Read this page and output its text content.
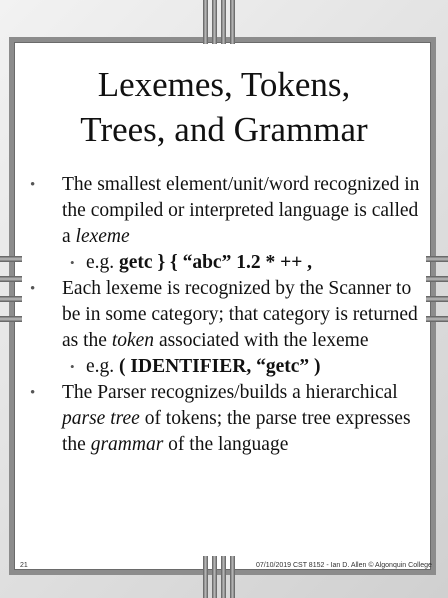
Lexemes, Tokens,
Trees, and Grammar

• The smallest element/unit/word recognized in the compiled or interpreted language is called a lexeme

• e.g. getc } { “abc” 1.2 * ++ ,

• Each lexeme is recognized by the Scanner to be in some category; that category is returned as the token associated with the lexeme

• e.g. ( IDENTIFIER, “getc” )

• The Parser recognizes/builds a hierarchical parse tree of tokens; the parse tree expresses the grammar of the language

21	07/10/2019 CST 8152 - Ian D. Allen © Algonquin College
